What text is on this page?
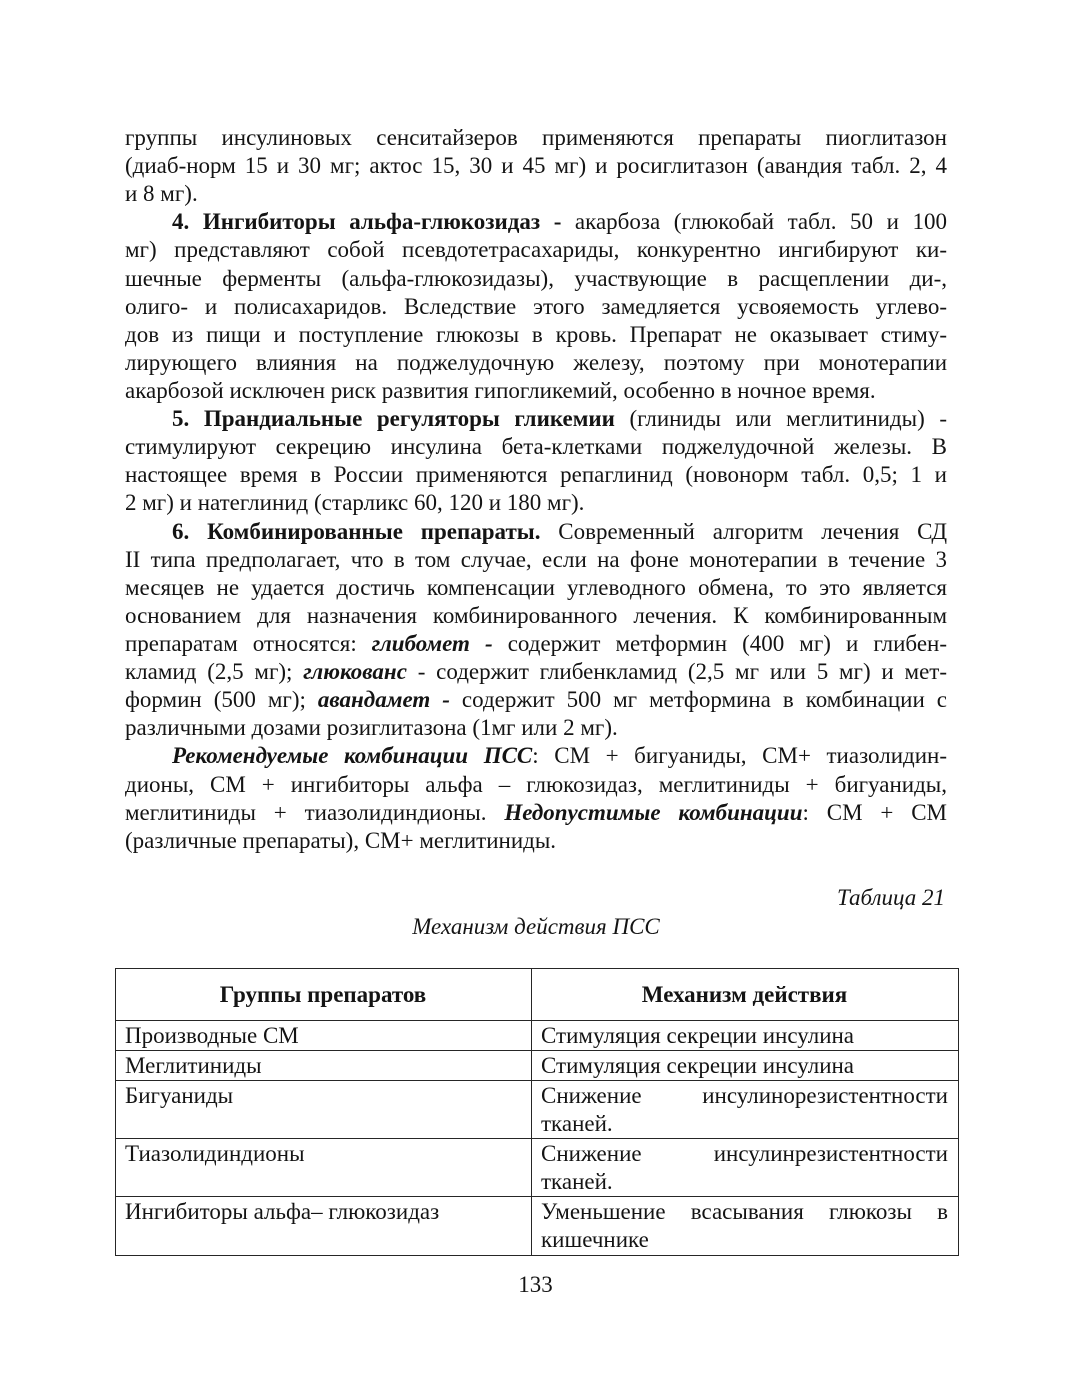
группы инсулиновых сенситайзеров применяются препараты пиоглитазон
(диаб-норм 15 и 30 мг; актос 15, 30 и 45 мг) и росиглитазон (авандия табл. 2, 4
и 8 мг).
4. Ингибиторы альфа-глюкозидаз - акарбоза (глюкобай табл. 50 и 100
мг) представляют собой псевдотетрасахариды, конкурентно ингибируют ки-
шечные ферменты (альфа-глюкозидазы), участвующие в расщеплении ди-,
олиго- и полисахаридов. Вследствие этого замедляется усвояемость углево-
дов из пищи и поступление глюкозы в кровь. Препарат не оказывает стиму-
лирующего влияния на поджелудочную железу, поэтому при монотерапии
акарбозой исключен риск развития гипогликемий, особенно в ночное время.
5. Прандиальные регуляторы гликемии (глиниды или меглитиниды) -
стимулируют секрецию инсулина бета-клетками поджелудочной железы. В
настоящее время в России применяются репаглинид (новонорм табл. 0,5; 1 и
2 мг) и натеглинид (старликс 60, 120 и 180 мг).
6. Комбинированные препараты. Современный алгоритм лечения СД
II типа предполагает, что в том случае, если на фоне монотерапии в течение 3
месяцев не удается достичь компенсации углеводного обмена, то это является
основанием для назначения комбинированного лечения. К комбинированным
препаратам относятся: глибомет - содержит метформин (400 мг) и глибен-
кламид (2,5 мг); глюкованс - содержит глибенкламид (2,5 мг или 5 мг) и мет-
формин (500 мг); авандамет - содержит 500 мг метформина в комбинации с
различными дозами розиглитазона (1мг или 2 мг).
Рекомендуемые комбинации ПСС: СМ + бигуаниды, СМ+ тиазолидин-
дионы, СМ + ингибиторы альфа – глюкозидаз, меглитиниды + бигуаниды,
меглитиниды + тиазолидиндионы. Недопустимые комбинации: СМ + СМ
(различные препараты), СМ+ меглитиниды.
Таблица 21
Механизм действия ПСС
Группы препаратов	Механизм действия
Производные СМ	Стимуляция секреции инсулина
Меглитиниды	Стимуляция секреции инсулина
Бигуаниды	Снижение инсулинорезистентности тканей.
Тиазолидиндионы	Снижение инсулинрезистентности тканей.
Ингибиторы альфа– глюкозидаз	Уменьшение всасывания глюкозы в кишечнике
133
